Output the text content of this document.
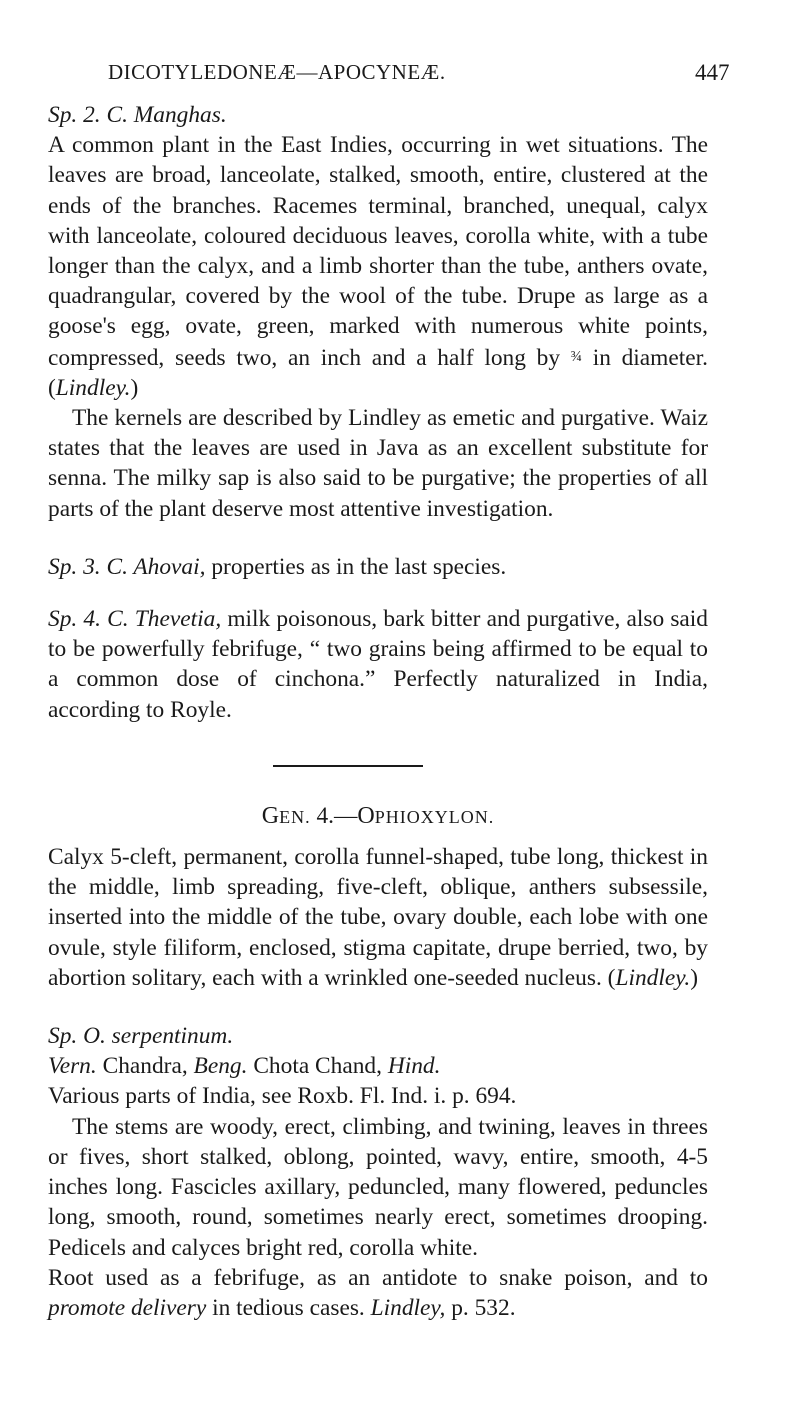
DICOTYLEDONEÆ—APOCYNEÆ.	447

Sp. 2. C. Manghas.

A common plant in the East Indies, occurring in wet situations. The leaves are broad, lanceolate, stalked, smooth, entire, clustered at the ends of the branches. Racemes terminal, branched, unequal, calyx with lanceolate, coloured deciduous leaves, corolla white, with a tube longer than the calyx, and a limb shorter than the tube, anthers ovate, quadrangular, covered by the wool of the tube. Drupe as large as a goose's egg, ovate, green, marked with numerous white points, compressed, seeds two, an inch and a half long by ¾ in diameter. (Lindley.)

The kernels are described by Lindley as emetic and purgative. Waiz states that the leaves are used in Java as an excellent substitute for senna. The milky sap is also said to be purgative; the properties of all parts of the plant deserve most attentive investigation.

Sp. 3. C. Ahovai, properties as in the last species.

Sp. 4. C. Thevetia, milk poisonous, bark bitter and purgative, also said to be powerfully febrifuge, “ two grains being affirmed to be equal to a common dose of cinchona.” Perfectly naturalized in India, according to Royle.

GEN. 4.—OPHIOXYLON.

Calyx 5-cleft, permanent, corolla funnel-shaped, tube long, thickest in the middle, limb spreading, five-cleft, oblique, anthers subsessile, inserted into the middle of the tube, ovary double, each lobe with one ovule, style filiform, enclosed, stigma capitate, drupe berried, two, by abortion solitary, each with a wrinkled one-seeded nucleus. (Lindley.)

Sp. O. serpentinum.

Vern. Chandra, Beng. Chota Chand, Hind.

Various parts of India, see Roxb. Fl. Ind. i. p. 694.

The stems are woody, erect, climbing, and twining, leaves in threes or fives, short stalked, oblong, pointed, wavy, entire, smooth, 4-5 inches long. Fascicles axillary, peduncled, many flowered, peduncles long, smooth, round, sometimes nearly erect, sometimes drooping. Pedicels and calyces bright red, corolla white.

Root used as a febrifuge, as an antidote to snake poison, and to promote delivery in tedious cases. Lindley, p. 532.
